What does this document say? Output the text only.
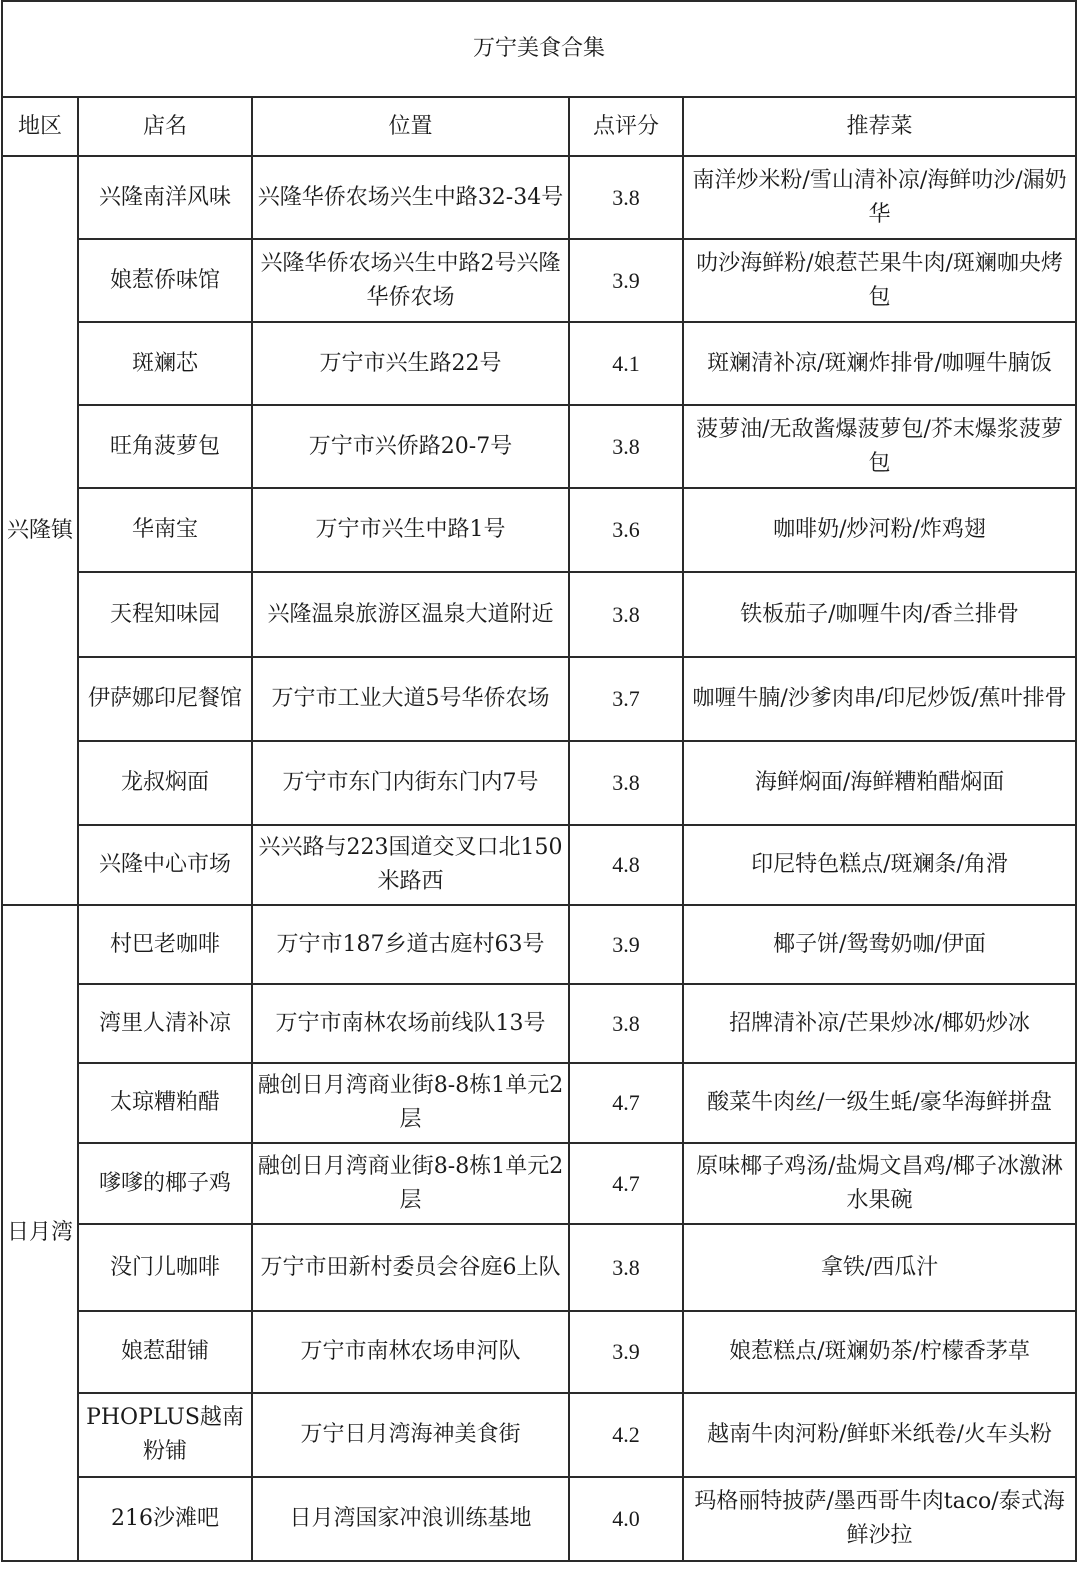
万宁美食合集				
地区	店名	位置	点评分	推荐菜
兴隆镇	兴隆南洋风味	兴隆华侨农场兴生中路32-34号	3.8	南洋炒米粉/雪山清补凉/海鲜叻沙/漏奶华
	娘惹侨味馆	兴隆华侨农场兴生中路2号兴隆华侨农场	3.9	叻沙海鲜粉/娘惹芒果牛肉/斑斓咖央烤包
	斑斓芯	万宁市兴生路22号	4.1	斑斓清补凉/斑斓炸排骨/咖喱牛腩饭
	旺角菠萝包	万宁市兴侨路20-7号	3.8	菠萝油/无敌酱爆菠萝包/芥末爆浆菠萝包
	华南宝	万宁市兴生中路1号	3.6	咖啡奶/炒河粉/炸鸡翅
	天程知味园	兴隆温泉旅游区温泉大道附近	3.8	铁板茄子/咖喱牛肉/香兰排骨
	伊萨娜印尼餐馆	万宁市工业大道5号华侨农场	3.7	咖喱牛腩/沙爹肉串/印尼炒饭/蕉叶排骨
	龙叔焖面	万宁市东门内街东门内7号	3.8	海鲜焖面/海鲜糟粕醋焖面
	兴隆中心市场	兴兴路与223国道交叉口北150米路西	4.8	印尼特色糕点/斑斓条/角滑
日月湾	村巴老咖啡	万宁市187乡道古庭村63号	3.9	椰子饼/鸳鸯奶咖/伊面
	湾里人清补凉	万宁市南林农场前线队13号	3.8	招牌清补凉/芒果炒冰/椰奶炒冰
	太琼糟粕醋	融创日月湾商业街8-8栋1单元2层	4.7	酸菜牛肉丝/一级生蚝/豪华海鲜拼盘
	嗲嗲的椰子鸡	融创日月湾商业街8-8栋1单元2层	4.7	原味椰子鸡汤/盐焗文昌鸡/椰子冰激淋水果碗
	没门儿咖啡	万宁市田新村委员会谷庭6上队	3.8	拿铁/西瓜汁
	娘惹甜铺	万宁市南林农场申河队	3.9	娘惹糕点/斑斓奶茶/柠檬香茅草
	PHOPLUS越南粉铺	万宁日月湾海神美食街	4.2	越南牛肉河粉/鲜虾米纸卷/火车头粉
	216沙滩吧	日月湾国家冲浪训练基地	4.0	玛格丽特披萨/墨西哥牛肉taco/泰式海鲜沙拉
